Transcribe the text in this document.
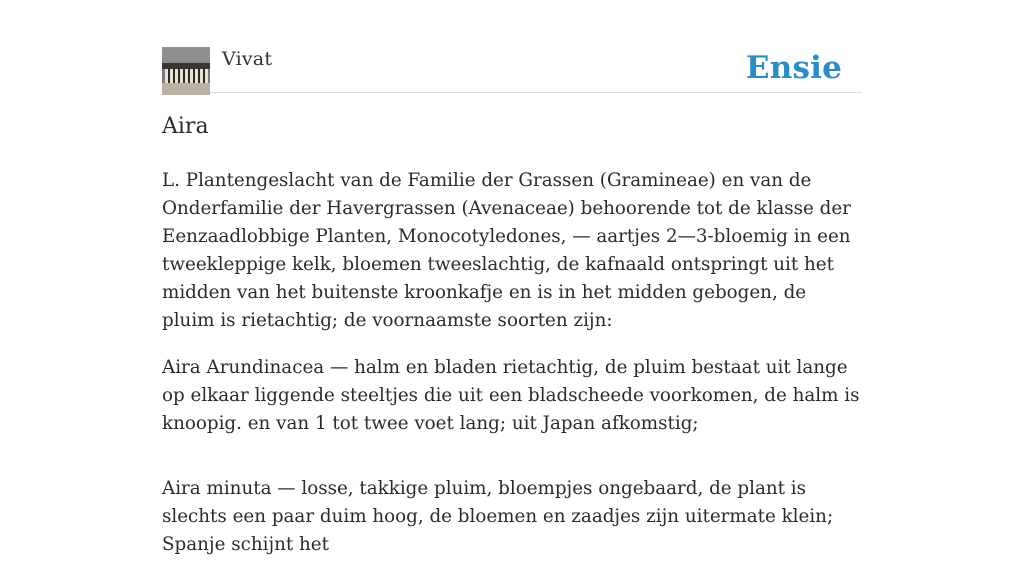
Vivat	Ensie
Aira

L. Plantengeslacht van de Familie der Grassen (Gramineae) en van de Onderfamilie der Havergrassen (Avenaceae) behoorende tot de klasse der Eenzaadlobbige Planten, Monocotyledones, — aartjes 2—3-bloemig in een tweekleppige kelk, bloemen tweeslachtig, de kafnaald ontspringt uit het midden van het buitenste kroonkafje en is in het midden gebogen, de pluim is rietachtig; de voornaamste soorten zijn:

Aira Arundinacea — halm en bladen rietachtig, de pluim bestaat uit lange op elkaar liggende steeltjes die uit een bladscheede voorkomen, de halm is knoopig. en van 1 tot twee voet lang; uit Japan afkomstig;

Aira minuta — losse, takkige pluim, bloempjes ongebaard, de plant is slechts een paar duim hoog, de bloemen en zaadjes zijn uitermate klein; Spanje schijnt het
